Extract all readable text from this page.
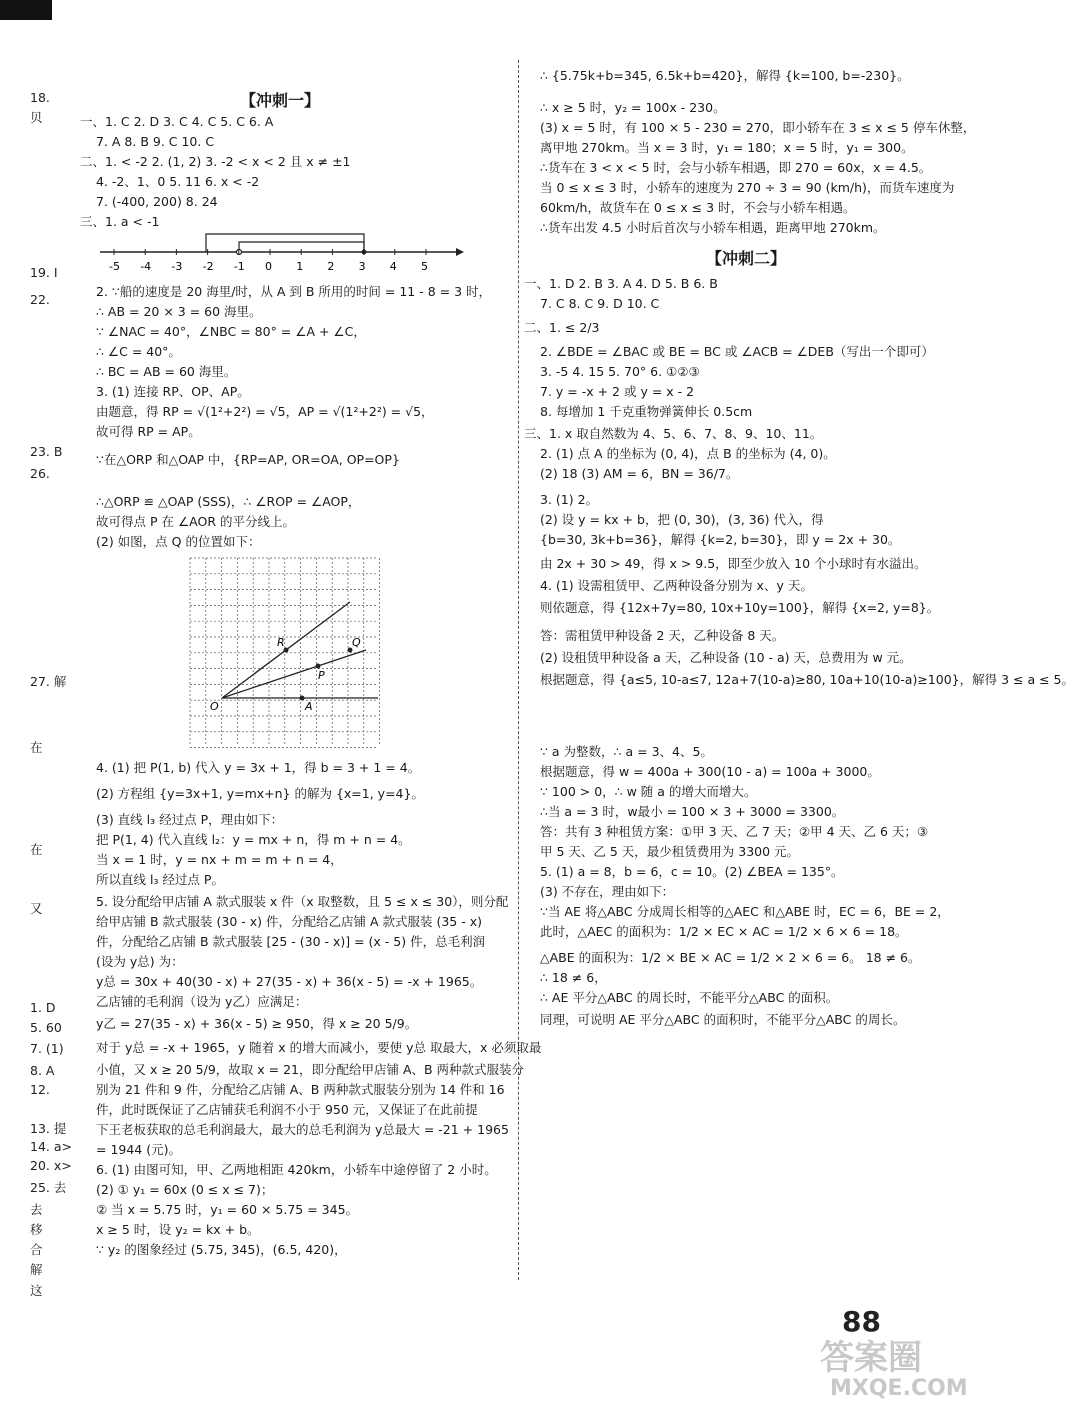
18.
贝
19. I
22.
23. B
26.
27. 解
在
在
又
1. D
5. 60
7. (1)
8. A
12.
13. 提
14. a>
20. x>
25. 去
去
移
合
解
这
【冲刺一】
一、1. C 2. D 3. C 4. C 5. C 6. A
7. A 8. B 9. C 10. C
二、1. < -2 2. (1, 2) 3. -2 < x < 2 且 x ≠ ±1
4. -2、1、0 5. 11 6. x < -2
7. (-400, 200) 8. 24
三、1. a < -1
2. ∵船的速度是 20 海里/时，从 A 到 B 所用的时间 = 11 - 8 = 3 时，
∴ AB = 20 × 3 = 60 海里。
∵ ∠NAC = 40°，∠NBC = 80° = ∠A + ∠C，
∴ ∠C = 40°。
∴ BC = AB = 60 海里。
3. (1) 连接 RP、OP、AP。
由题意，得 RP = √(1²+2²) = √5，AP = √(1²+2²) = √5，
故可得 RP = AP。
∵在△ORP 和△OAP 中，{RP=AP, OR=OA, OP=OP}
∴△ORP ≌ △OAP (SSS)，∴ ∠ROP = ∠AOP，
故可得点 P 在 ∠AOR 的平分线上。
(2) 如图，点 Q 的位置如下：
4. (1) 把 P(1, b) 代入 y = 3x + 1，得 b = 3 + 1 = 4。
(2) 方程组 {y=3x+1, y=mx+n} 的解为 {x=1, y=4}。
(3) 直线 l₃ 经过点 P，理由如下：
把 P(1, 4) 代入直线 l₂：y = mx + n，得 m + n = 4。
当 x = 1 时，y = nx + m = m + n = 4，
所以直线 l₃ 经过点 P。
5. 设分配给甲店铺 A 款式服装 x 件（x 取整数，且 5 ≤ x ≤ 30），则分配
给甲店铺 B 款式服装 (30 - x) 件，分配给乙店铺 A 款式服装 (35 - x)
件，分配给乙店铺 B 款式服装 [25 - (30 - x)] = (x - 5) 件，总毛利润
(设为 y总) 为：
y总 = 30x + 40(30 - x) + 27(35 - x) + 36(x - 5) = -x + 1965。
乙店铺的毛利润（设为 y乙）应满足：
y乙 = 27(35 - x) + 36(x - 5) ≥ 950，得 x ≥ 20 5/9。
对于 y总 = -x + 1965，y 随着 x 的增大而减小，要使 y总 取最大，x 必须取最
小值，又 x ≥ 20 5/9，故取 x = 21，即分配给甲店铺 A、B 两种款式服装分
别为 21 件和 9 件，分配给乙店铺 A、B 两种款式服装分别为 14 件和 16
件，此时既保证了乙店铺获毛利润不小于 950 元，又保证了在此前提
下王老板获取的总毛利润最大，最大的总毛利润为 y总最大 = -21 + 1965
= 1944 (元)。
6. (1) 由图可知，甲、乙两地相距 420km，小轿车中途停留了 2 小时。
(2) ① y₁ = 60x (0 ≤ x ≤ 7)；
② 当 x = 5.75 时，y₁ = 60 × 5.75 = 345。
x ≥ 5 时，设 y₂ = kx + b。
∵ y₂ 的图象经过 (5.75, 345)，(6.5, 420)，
-5 -4 -3 -2 -1 0 1 2 3 4 5
R	Q
P
O	A
【冲刺二】
∴ {5.75k+b=345, 6.5k+b=420}，解得 {k=100, b=-230}。
∴ x ≥ 5 时，y₂ = 100x - 230。
(3) x = 5 时，有 100 × 5 - 230 = 270，即小轿车在 3 ≤ x ≤ 5 停车休整，
离甲地 270km。当 x = 3 时，y₁ = 180；x = 5 时，y₁ = 300。
∴货车在 3 < x < 5 时，会与小轿车相遇，即 270 = 60x，x = 4.5。
当 0 ≤ x ≤ 3 时，小轿车的速度为 270 ÷ 3 = 90 (km/h)，而货车速度为
60km/h，故货车在 0 ≤ x ≤ 3 时，不会与小轿车相遇。
∴货车出发 4.5 小时后首次与小轿车相遇，距离甲地 270km。
一、1. D 2. B 3. A 4. D 5. B 6. B
7. C 8. C 9. D 10. C
二、1. ≤ 2/3
2. ∠BDE = ∠BAC 或 BE = BC 或 ∠ACB = ∠DEB（写出一个即可）
3. -5 4. 15 5. 70° 6. ①②③
7. y = -x + 2 或 y = x - 2
8. 每增加 1 千克重物弹簧伸长 0.5cm
三、1. x 取自然数为 4、5、6、7、8、9、10、11。
2. (1) 点 A 的坐标为 (0, 4)，点 B 的坐标为 (4, 0)。
(2) 18 (3) AM = 6，BN = 36/7。
3. (1) 2。
(2) 设 y = kx + b，把 (0, 30)，(3, 36) 代入，得
{b=30, 3k+b=36}，解得 {k=2, b=30}，即 y = 2x + 30。
由 2x + 30 > 49，得 x > 9.5，即至少放入 10 个小球时有水溢出。
4. (1) 设需租赁甲、乙两种设备分别为 x、y 天。
则依题意，得 {12x+7y=80, 10x+10y=100}，解得 {x=2, y=8}。
答：需租赁甲种设备 2 天，乙种设备 8 天。
(2) 设租赁甲种设备 a 天，乙种设备 (10 - a) 天，总费用为 w 元。
根据题意，得 {a≤5, 10-a≤7, 12a+7(10-a)≥80, 10a+10(10-a)≥100}，解得 3 ≤ a ≤ 5。
∵ a 为整数，∴ a = 3、4、5。
根据题意，得 w = 400a + 300(10 - a) = 100a + 3000。
∵ 100 > 0，∴ w 随 a 的增大而增大。
∴当 a = 3 时，w最小 = 100 × 3 + 3000 = 3300。
答：共有 3 种租赁方案：①甲 3 天、乙 7 天；②甲 4 天、乙 6 天；③
甲 5 天、乙 5 天，最少租赁费用为 3300 元。
5. (1) a = 8，b = 6，c = 10。(2) ∠BEA = 135°。
(3) 不存在，理由如下：
∵当 AE 将△ABC 分成周长相等的△AEC 和△ABE 时，EC = 6，BE = 2，
此时，△AEC 的面积为：1/2 × EC × AC = 1/2 × 6 × 6 = 18。
△ABE 的面积为：1/2 × BE × AC = 1/2 × 2 × 6 = 6。 18 ≠ 6。
∴ 18 ≠ 6，
∴ AE 平分△ABC 的周长时，不能平分△ABC 的面积。
同理，可说明 AE 平分△ABC 的面积时，不能平分△ABC 的周长。
88
答案圈
MXQE.COM
